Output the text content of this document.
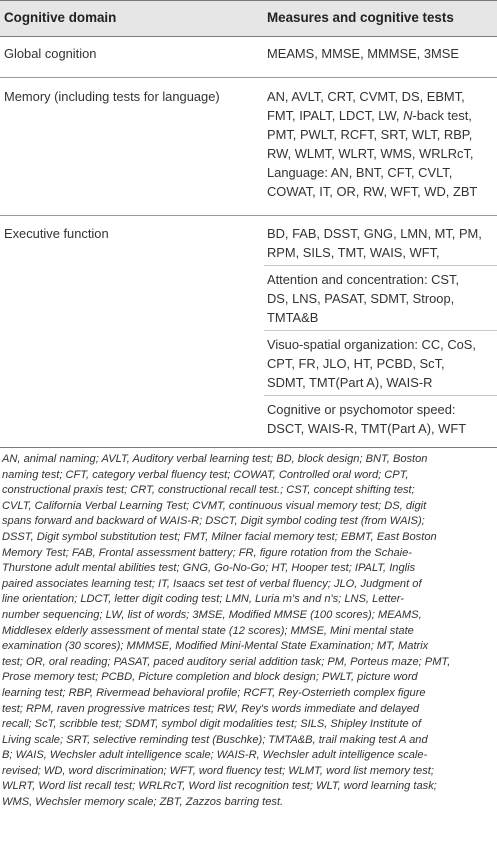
Cognitive domain	Measures and cognitive tests
Global cognition	MEAMS, MMSE, MMMSE, 3MSE
Memory (including tests for language)	AN, AVLT, CRT, CVMT, DS, EBMT,
FMT, IPALT, LDCT, LW, N-back test,
PMT, PWLT, RCFT, SRT, WLT, RBP,
RW, WLMT, WLRT, WMS, WRLRcT,
Language: AN, BNT, CFT, CVLT,
COWAT, IT, OR, RW, WFT, WD, ZBT
Executive function	BD, FAB, DSST, GNG, LMN, MT, PM,
RPM, SILS, TMT, WAIS, WFT,
Attention and concentration: CST,
DS, LNS, PASAT, SDMT, Stroop,
TMTA&B
Visuo-spatial organization: CC, CoS,
CPT, FR, JLO, HT, PCBD, ScT,
SDMT, TMT(Part A), WAIS-R
Cognitive or psychomotor speed:
DSCT, WAIS-R, TMT(Part A), WFT
AN, animal naming; AVLT, Auditory verbal learning test; BD, block design; BNT, Boston
naming test; CFT, category verbal fluency test; COWAT, Controlled oral word; CPT,
constructional praxis test; CRT, constructional recall test.; CST, concept shifting test;
CVLT, California Verbal Learning Test; CVMT, continuous visual memory test; DS, digit
spans forward and backward of WAIS-R; DSCT, Digit symbol coding test (from WAIS);
DSST, Digit symbol substitution test; FMT, Milner facial memory test; EBMT, East Boston
Memory Test; FAB, Frontal assessment battery; FR, figure rotation from the Schaie-
Thurstone adult mental abilities test; GNG, Go-No-Go; HT, Hooper test; IPALT, Inglis
paired associates learning test; IT, Isaacs set test of verbal fluency; JLO, Judgment of
line orientation; LDCT, letter digit coding test; LMN, Luria m's and n's; LNS, Letter-
number sequencing; LW, list of words; 3MSE, Modified MMSE (100 scores); MEAMS,
Middlesex elderly assessment of mental state (12 scores); MMSE, Mini mental state
examination (30 scores); MMMSE, Modified Mini-Mental State Examination; MT, Matrix
test; OR, oral reading; PASAT, paced auditory serial addition task; PM, Porteus maze; PMT,
Prose memory test; PCBD, Picture completion and block design; PWLT, picture word
learning test; RBP, Rivermead behavioral profile; RCFT, Rey-Osterrieth complex figure
test; RPM, raven progressive matrices test; RW, Rey's words immediate and delayed
recall; ScT, scribble test; SDMT, symbol digit modalities test; SILS, Shipley Institute of
Living scale; SRT, selective reminding test (Buschke); TMTA&B, trail making test A and
B; WAIS, Wechsler adult intelligence scale; WAIS-R, Wechsler adult intelligence scale-
revised; WD, word discrimination; WFT, word fluency test; WLMT, word list memory test;
WLRT, Word list recall test; WRLRcT, Word list recognition test; WLT, word learning task;
WMS, Wechsler memory scale; ZBT, Zazzos barring test.
